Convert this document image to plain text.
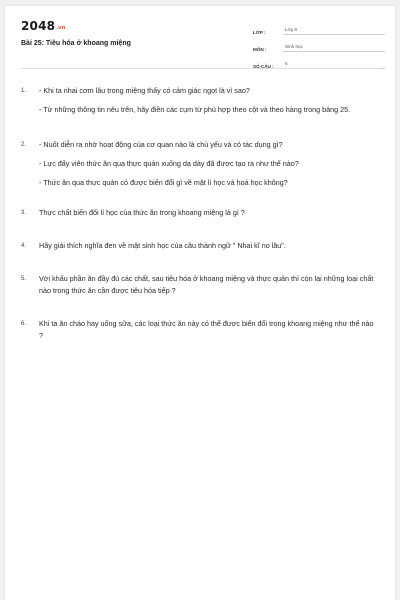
2048.vn
Bài 25: Tiêu hóa ở khoang miệng
LỚP :
Lớp 8
MÔN :
Sinh học
SỐ CÂU :
6
1.	- Khi ta nhai cơm lâu trong miệng thấy có cảm giác ngọt là vì sao?

- Từ những thông tin nêu trên, hãy điền các cụm từ phù hợp theo cột và theo hàng trong bảng 25.

2.	- Nuốt diễn ra nhờ hoạt động của cơ quan nào là chủ yếu và có tác dụng gì?

- Lực đẩy viên thức ăn qua thực quản xuống dạ dày đã được tạo ra như thế nào?

- Thức ăn qua thực quản có được biến đổi gì về mặt lí học và hoá học không?

3.	Thực chất biến đổi lí học của thức ăn trong khoang miệng là gì ?

4.	Hãy giải thích nghĩa đen về mặt sinh học của câu thành ngữ " Nhai kĩ no lâu".

5.	Với khẩu phần ăn đầy đủ các chất, sau tiêu hóa ở khoang miệng và thực quản thì còn lại những loại chất nào trong thức ăn cần được tiêu hóa tiếp ?

6.	Khi ta ăn cháo hay uống sữa, các loại thức ăn này có thể được biến đổi trong khoang miệng như thế nào ?
